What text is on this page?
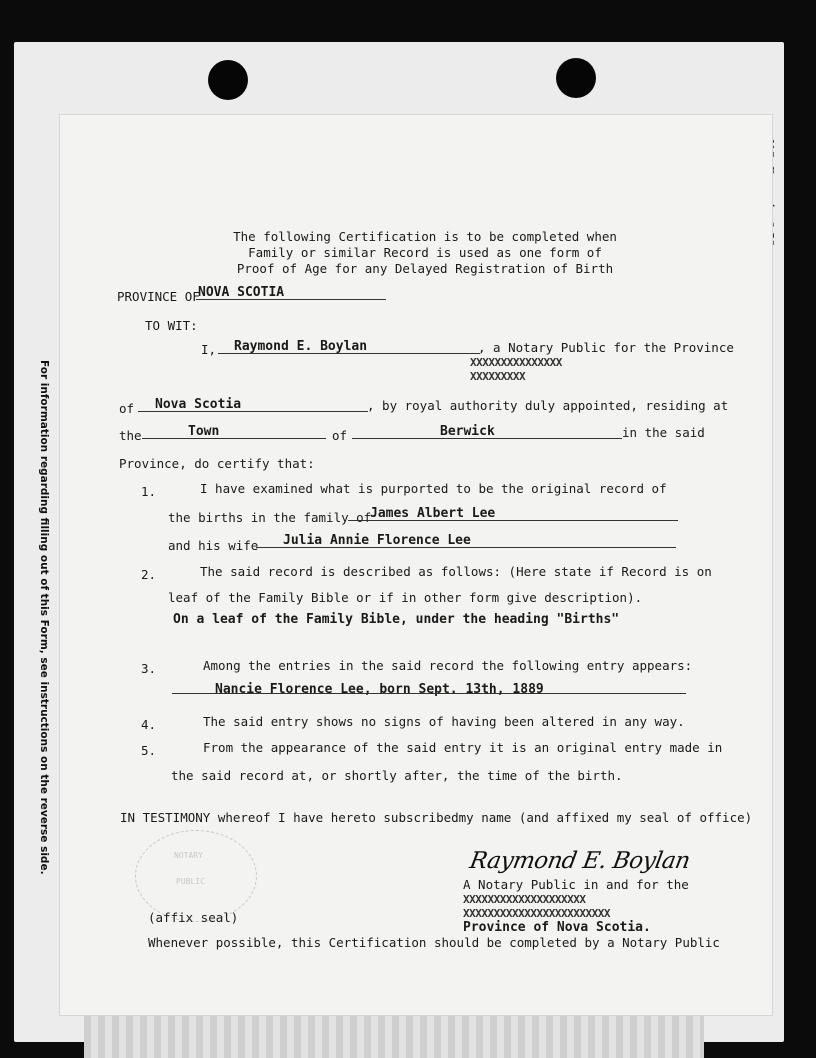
For information regarding filling out of this Form, see instructions on the reverse side.
The following Certification is to be completed when
Family or similar Record is used as one form of
Proof of Age for any Delayed Registration of Birth
PROVINCE OF
NOVA SCOTIA
TO WIT:
I, Raymond E. Boylan	, a Notary Public for the Province
XXXXXXXXXXXXXXX
XXXXXXXXX
of Nova Scotia	, by royal authority duly appointed, residing at
the	Town	of	Berwick	in the said
Province, do certify that:
1.	I have examined what is purported to be the original record of
the births in the family of
James Albert Lee
and his wife Julia Annie Florence Lee
2.	The said record is described as follows: (Here state if Record is on
leaf of the Family Bible or if in other form give description).
On a leaf of the Family Bible, under the heading "Births"
3.	Among the entries in the said record the following entry appears:
Nancie Florence Lee, born Sept. 13th, 1889
4.	The said entry shows no signs of having been altered in any way.
5.	From the appearance of the said entry it is an original entry made in
the said record at, or shortly after, the time of the birth.
IN TESTIMONY whereof I have hereto subscribedmy name (and affixed my seal of office)
NOTARY
PUBLIC
Raymond E. Boylan
A Notary Public in and for the
XXXXXXXXXXXXXXXXXXXX
XXXXXXXXXXXXXXXXXXXXXXXX
Province of Nova Scotia.
(affix seal)
Whenever possible, this Certification should be completed by a Notary Public
